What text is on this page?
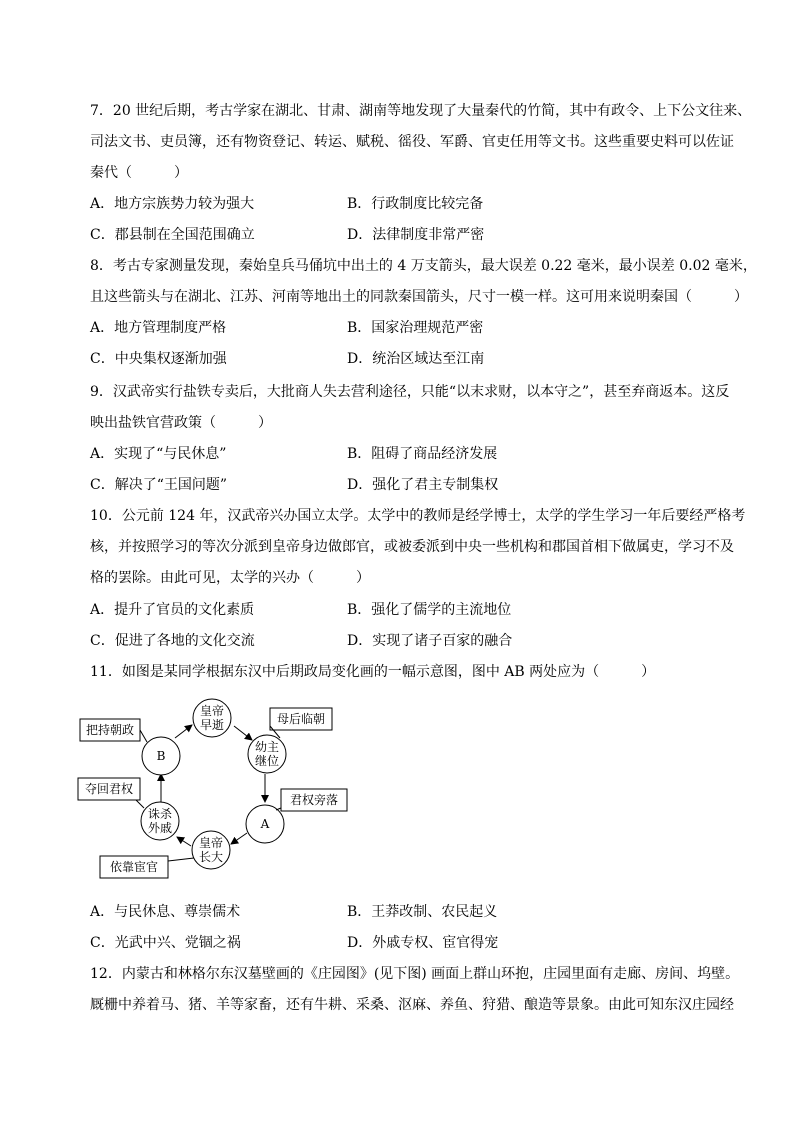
7．20 世纪后期，考古学家在湖北、甘肃、湖南等地发现了大量秦代的竹简，其中有政令、上下公文往来、

司法文书、吏员簿，还有物资登记、转运、赋税、徭役、军爵、官吏任用等文书。这些重要史料可以佐证

秦代（　　　）

A．地方宗族势力较为强大	B．行政制度比较完备
C．郡县制在全国范围确立	D．法律制度非常严密

8．考古专家测量发现，秦始皇兵马俑坑中出土的 4 万支箭头，最大误差 0.22 毫米，最小误差 0.02 毫米，

且这些箭头与在湖北、江苏、河南等地出土的同款秦国箭头，尺寸一模一样。这可用来说明秦国（　　　）

A．地方管理制度严格	B．国家治理规范严密
C．中央集权逐渐加强	D．统治区域达至江南

9．汉武帝实行盐铁专卖后，大批商人失去营利途径，只能“以末求财，以本守之”，甚至弃商返本。这反

映出盐铁官营政策（　　　）

A．实现了“与民休息”	B．阻碍了商品经济发展
C．解决了“王国问题”	D．强化了君主专制集权

10．公元前 124 年，汉武帝兴办国立太学。太学中的教师是经学博士，太学的学生学习一年后要经严格考

核，并按照学习的等次分派到皇帝身边做郎官，或被委派到中央一些机构和郡国首相下做属吏，学习不及

格的罢除。由此可见，太学的兴办（　　　）

A．提升了官员的文化素质	B．强化了儒学的主流地位
C．促进了各地的文化交流	D．实现了诸子百家的融合

11．如图是某同学根据东汉中后期政局变化画的一幅示意图，图中 AB 两处应为（　　　）

皇帝
早逝
幼主
继位
A
皇帝
长大
诛杀
外戚
B
把持朝政
母后临朝
君权旁落
夺回君权
依靠宦官
A．与民休息、尊崇儒术	B．王莽改制、农民起义
C．光武中兴、党锢之祸	D．外戚专权、宦官得宠

12．内蒙古和林格尔东汉墓壁画的《庄园图》(见下图) 画面上群山环抱，庄园里面有走廊、房间、坞壁。

厩栅中养着马、猪、羊等家畜，还有牛耕、采桑、沤麻、养鱼、狩猎、酿造等景象。由此可知东汉庄园经
